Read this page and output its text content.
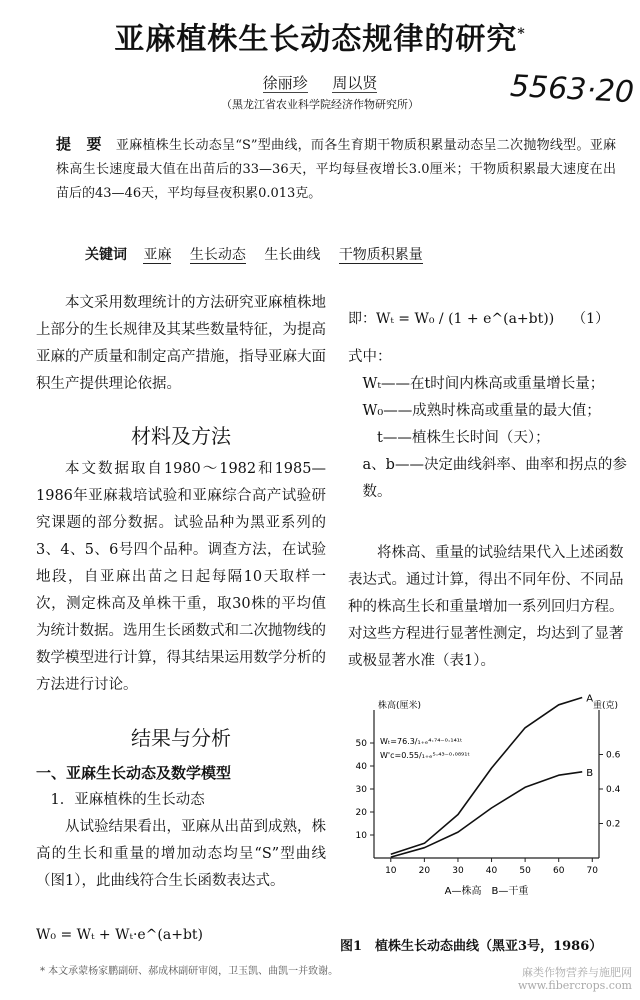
亚麻植株生长动态规律的研究*
徐丽珍 周以贤
（黑龙江省农业科学院经济作物研究所）	5563·20
提　要 亚麻植株生长动态呈“S”型曲线，而各生育期干物质积累量动态呈二次抛物线型。亚麻株高生长速度最大值在出苗后的33—36天，平均每昼夜增长3.0厘米；干物质积累最大速度在出苗后的43—46天，平均每昼夜积累0.013克。
关键词 亚麻 生长动态 生长曲线 干物质积累量
本文采用数理统计的方法研究亚麻植株地上部分的生长规律及其某些数量特征，为提高亚麻的产质量和制定高产措施，指导亚麻大面积生产提供理论依据。
材料及方法
本文数据取自1980～1982和1985—1986年亚麻栽培试验和亚麻综合高产试验研究课题的部分数据。试验品种为黑亚系列的3、4、5、6号四个品种。调查方法，在试验地段，自亚麻出苗之日起每隔10天取样一次，测定株高及单株干重，取30株的平均值为统计数据。选用生长函数式和二次抛物线的数学模型进行计算，得其结果运用数学分析的方法进行讨论。
结果与分析
一、亚麻生长动态及数学模型
1．亚麻植株的生长动态
从试验结果看出，亚麻从出苗到成熟，株高的生长和重量的增加动态均呈“S”型曲线（图1），此曲线符合生长函数表达式。
W₀ = Wₜ + Wₜ·e^(a+bt)
即：Wₜ = W₀ / (1 + e^(a+bt)) （1）
式中：
Wₜ——在t时间内株高或重量增长量；
W₀——成熟时株高或重量的最大值；
t——植株生长时间（天）；
a、b——决定曲线斜率、曲率和拐点的参数。
将株高、重量的试验结果代入上述函数表达式。通过计算，得出不同年份、不同品种的株高生长和重量增加一系列回归方程。对这些方程进行显著性测定，均达到了显著或极显著水准（表1）。
10 20 30 40 50 60 70
10
20
30
40
50
0.2
0.4
0.6
株高(厘米)	重(克)
Wₜ=76.3/₁₊ₑ⁴·⁷⁴⁻⁰·¹⁴¹ᵗ
W'c=0.55/₁₊ₑ⁵·⁴³⁻⁰·⁰⁸⁹¹ᵗ
A—株高　B—干重
A
B
图1　植株生长动态曲线（黑亚3号，1986）
* 本文承蒙杨家鹏副研、郝成林副研审阅，卫玉凯、曲凯一并致谢。	麻类作物营养与施肥网
www.fibercrops.com
